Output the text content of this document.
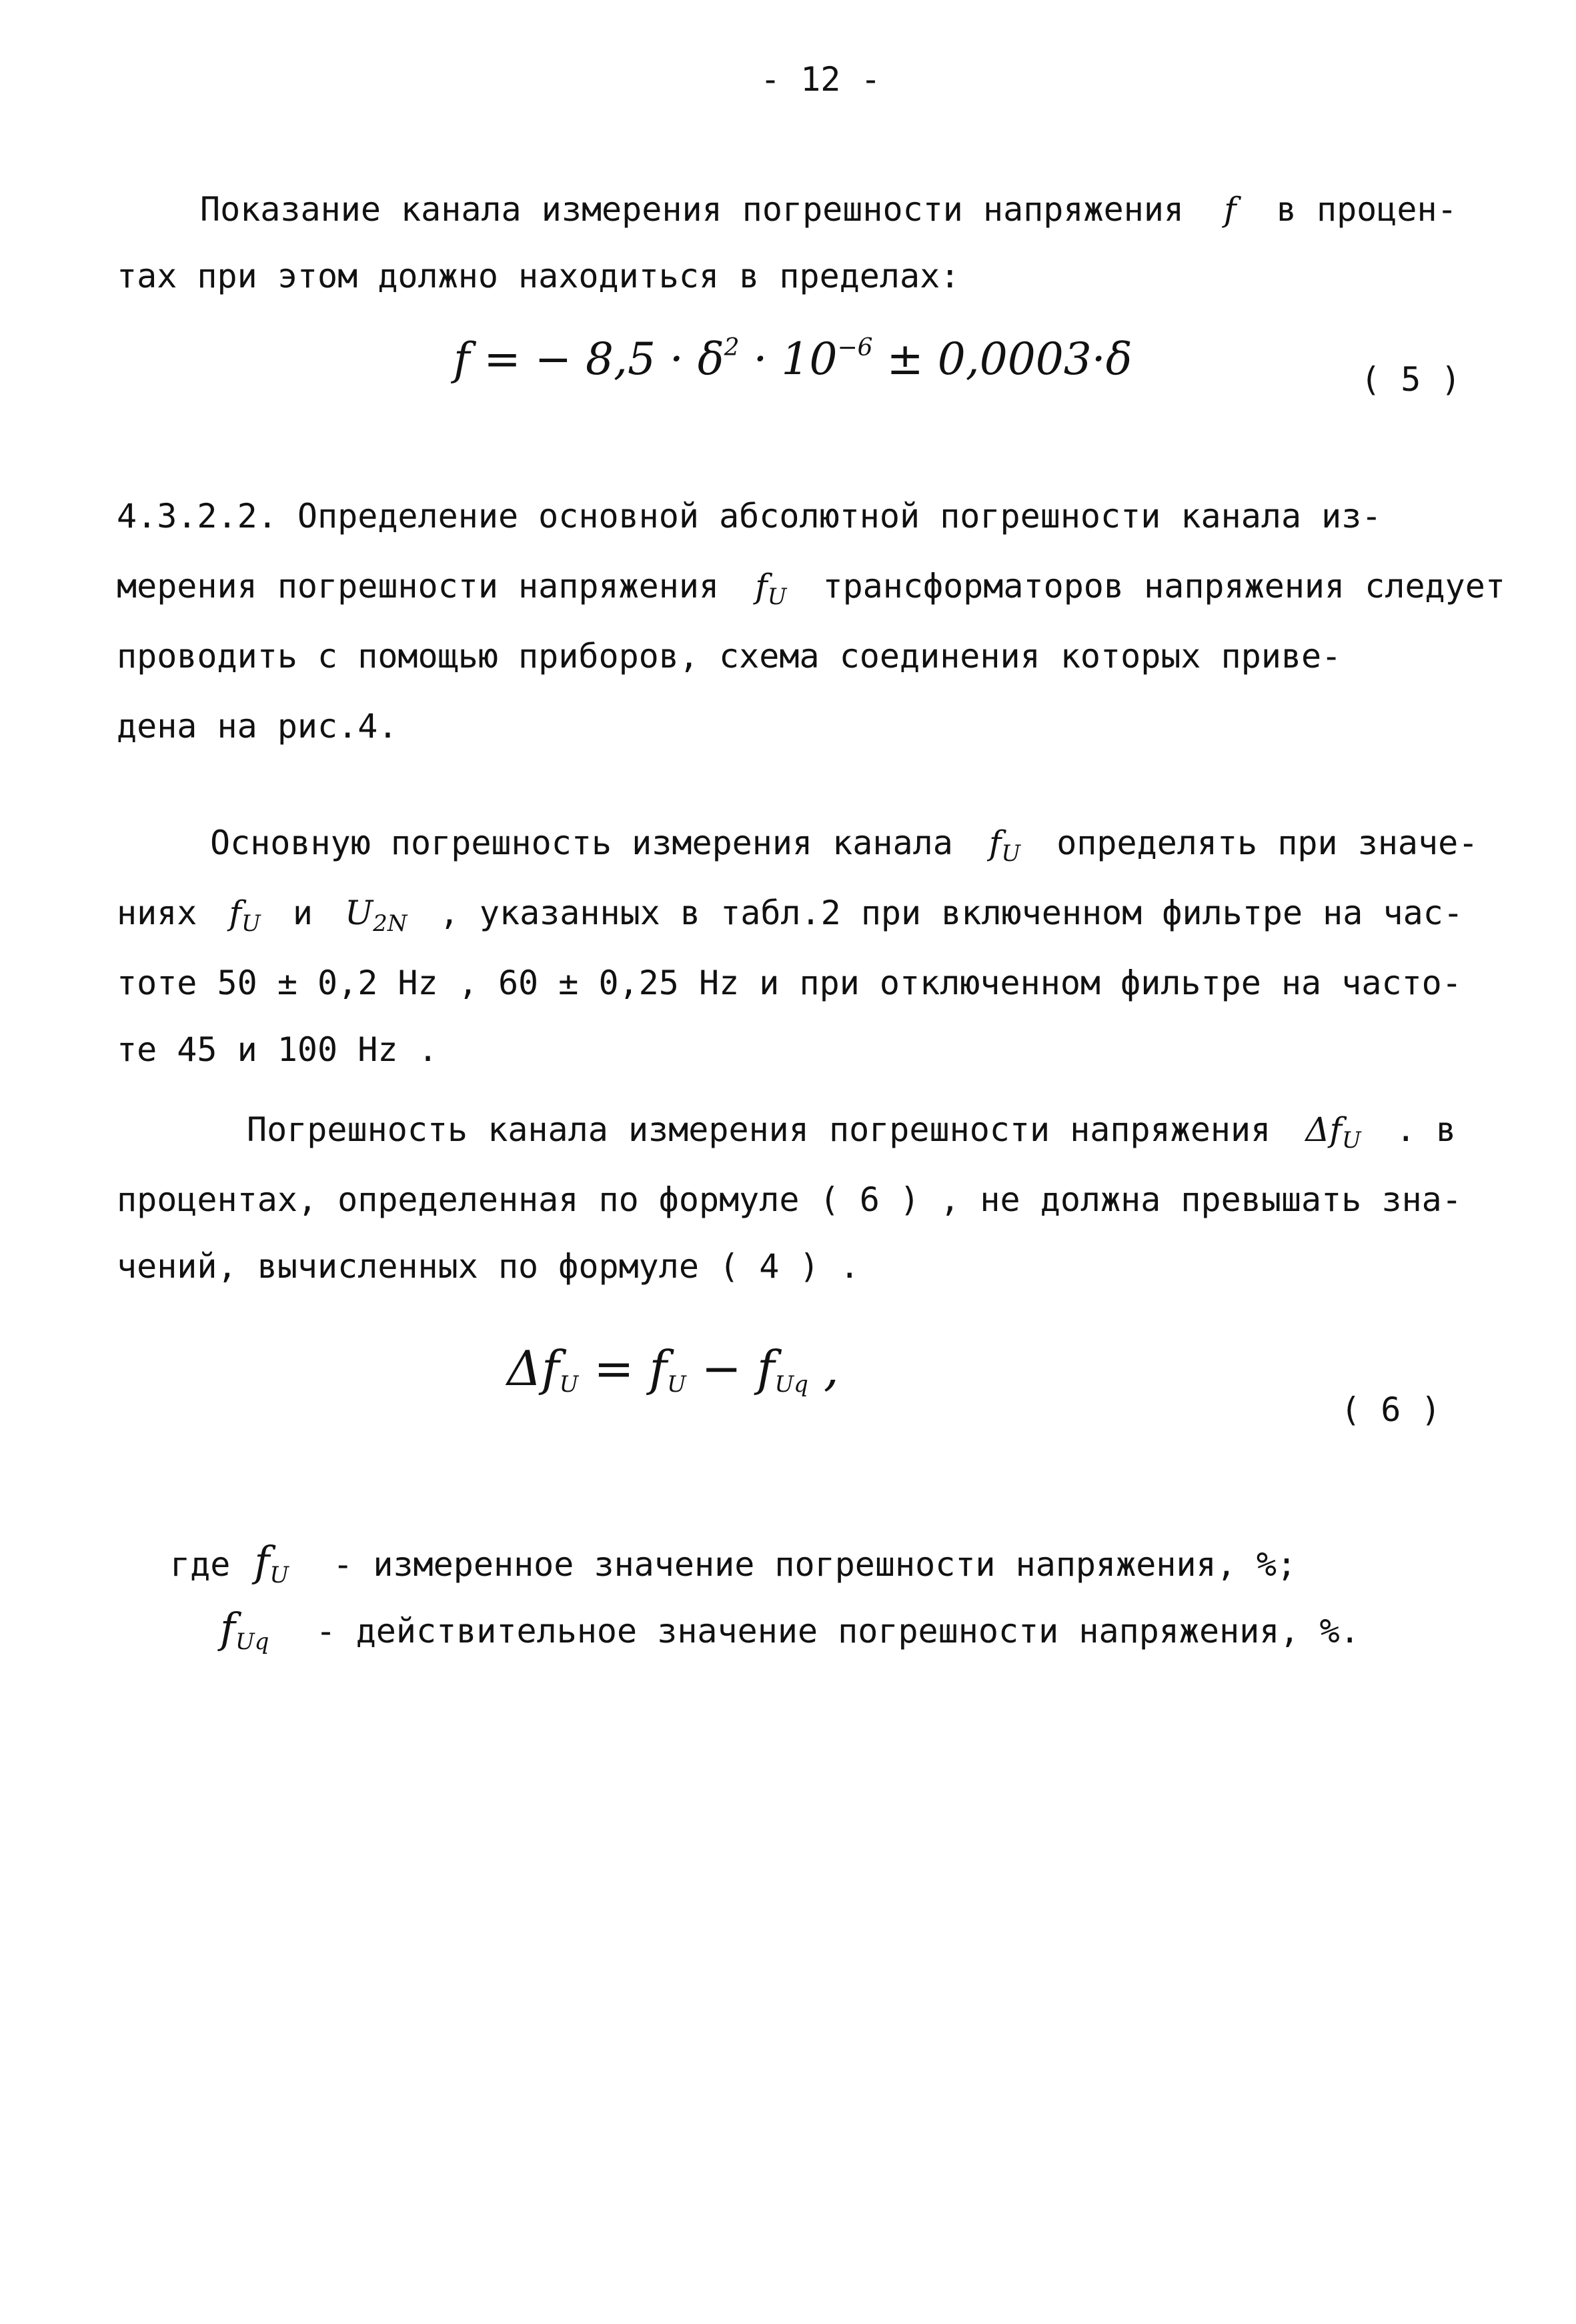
- 12 -
Показание канала измерения погрешности напряжения f в процен-
тах при этом должно находиться в пределах:
f = − $8,5 \cdot \delta^2 \cdot 10^{-6} \pm 0,0003\cdot\delta$	( 5 )
4.3.2.2. Определение основной абсолютной погрешности канала из-
мерения погрешности напряжения $f_U$ трансформаторов напряжения следует
проводить с помощью приборов, схема соединения которых приве-
дена на рис.4.
Основную погрешность измерения канала $f_U$ определять при значе-
ниях $f_U$ и $U_{2N}$ , указанных в табл.2 при включенном фильтре на час-
тоте 50 ± 0,2 Hz , 60 ± 0,25 Hz и при отключенном фильтре на часто-
те 45 и 100 Hz .
Погрешность канала измерения погрешности напряжения $\Delta f_U$ . в
процентах, определенная по формуле ( 6 ) , не должна превышать зна-
чений, вычисленных по формуле ( 4 ) .
$\Delta f_U = f_U - f_{Uq}$ ,
( 6 )
где $f_U$ - измеренное значение погрешности напряжения, %;
$f_{Uq}$ - действительное значение погрешности напряжения, %.
